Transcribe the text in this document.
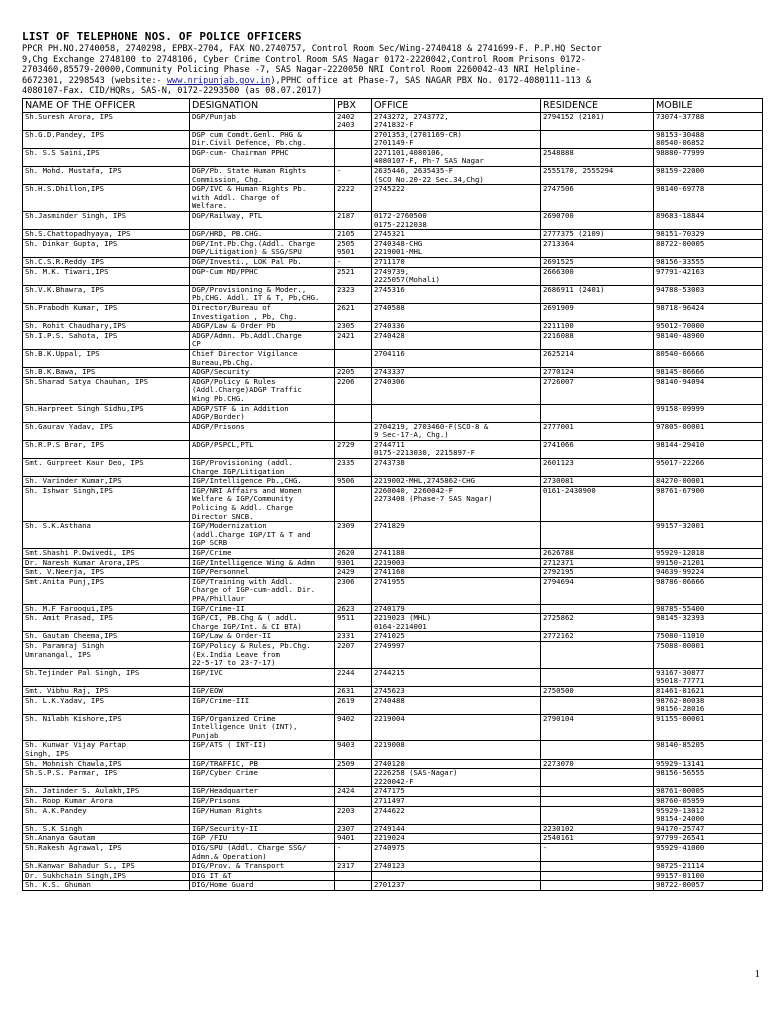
LIST OF TELEPHONE NOS. OF POLICE OFFICERS
PPCR PH.NO.2740058, 2740298, EPBX-2704, FAX NO.2740757, Control Room Sec/Wing-2740418 & 2741699-F. P.P.HQ Sector
9,Chg Exchange 2748100 to 2748106, Cyber Crime Control Room SAS Nagar 0172-2220042,Control Room Prisons 0172-
2703460,85579-20000,Community Policing Phase -7, SAS Nagar-2220050 NRI Control Room 2260042-43 NRI Helpline-
6672301, 2298543 (website:- www.nripunjab.gov.in),PPHC office at Phase-7, SAS NAGAR PBX No. 0172-4080111-113 &
4080107-Fax. CID/HQRs, SAS-N, 0172-2293500 (as 08.07.2017)
NAME OF THE OFFICER	DESIGNATION	PBX	OFFICE	RESIDENCE	MOBILE

Sh.Suresh Arora, IPS	DGP/Punjab	2402
2403	2743272, 2743772,
2741832-F	2794152 (2101)	73074-37788

Sh.G.D.Pandey, IPS	DGP cum Comdt.Genl. PHG &
Dir.Civil Defence, Pb.chg.		2701353,(2701169-CR)
2701149-F		98153-30488
80540-06852

Sh. S.S Saini,IPS	DGP-cum- Chairman PPHC		2271101,4080106,
4080107-F, Ph-7 SAS Nagar	2548888	98880-77999

Sh. Mohd. Mustafa, IPS	DGP/Pb. State Human Rights
Commission, Chg.	-	2635446, 2635435-F
(SCO No.20-22 Sec.34,Chg)	2555170, 2555294	98159-22000

Sh.H.S.Dhillon,IPS	DGP/IVC & Human Rights Pb.
with Addl. Charge of
Welfare.	2222	2745222	2747506	98140-69778

Sh.Jasminder Singh, IPS	DGP/Railway, PTL	2187	0172-2760500
0175-2212038	2690700	89683-18844

Sh.S.Chattopadhyaya, IPS	DGP/HRD, PB.CHG.	2105	2745321	2777375 (2109)	98151-70329

Sh. Dinkar Gupta, IPS	DGP/Int.Pb.Chg.(Addl. Charge
DGP/Litigation) & SSG/SPU	2505
9501	2740348-CHG
2219001-MHL	2713364	88722-00005

Sh.C.S.R.Reddy IPS	DGP/Investi., LOK Pal Pb.	-	2711170	2691525	98156-33555

Sh. M.K. Tiwari,IPS	DGP-Cum MD/PPHC	2521	2749739,
2225057(Mohali)	2666300	97791-42163

Sh.V.K.Bhawra, IPS	DGP/Provisioning & Moder.,
Pb,CHG. Addl. IT & T, Pb,CHG.	2323	2745316	2686911 (2401)	94788-53003

Sh.Prabodh Kumar, IPS	Director/Bureau of
Investigation , Pb, Chg.	2621	2740588	2691909	98718-96424

Sh. Rohit Chaudhary,IPS	ADGP/Law & Order Pb	2305	2740336	2211100	95012-70000

Sh.I.P.S. Sahota, IPS	ADGP/Admn. Pb.Addl.Charge
CP	2421	2740428	2216088	98140-48900

Sh.B.K.Uppal, IPS	Chief Director Vigilance
Bureau,Pb.Chg.		2704116	2625214	80540-66666

Sh.B.K.Bawa, IPS	ADGP/Security	2205	2743337	2770124	98145-06666

Sh.Sharad Satya Chauhan, IPS	ADGP/Policy & Rules
(Addl.Charge)ADGP Traffic
Wing Pb.CHG.	2206	2740306	2726007	98140-94094

Sh.Harpreet Singh Sidhu,IPS	ADGP/STF & in Addition
ADGP/Border)				99158-09999

Sh.Gaurav Yadav, IPS	ADGP/Prisons		2704219, 2703460-F(SCO-8 &
9 Sec-17-A, Chg.)	2777001	97805-00001

Sh.R.P.S Brar, IPS	ADGP/PSPCL,PTL	2729	2744711
0175-2213030, 2215897-F	2741066	98144-29410

Smt. Gurpreet Kaur Deo, IPS	IGP/Provisioning (addl.
Charge IGP/Litigation	2335	2743738	2601123	95017-22266

Sh. Varinder Kumar,IPS	IGP/Intelligence Pb.,CHG.	9506	2219002-MHL,2745862-CHG	2730081	84270-00001

Sh. Ishwar Singh,IPS	IGP/NRI Affairs and Women
Welfare & IGP/Community
Policing & Addl. Charge
Director SNCB.		2260040, 2260042-F
2273408 (Phase-7 SAS Nagar)	0161-2430900	98761-67900

Sh. S.K.Asthana	IGP/Modernization
(addl.Charge IGP/IT & T and
IGP SCRB	2309	2741829		99157-32001

Smt.Shashi P.Dwivedi, IPS	IGP/Crime	2620	2741188	2626788	95929-12018

Dr. Naresh Kumar Arora,IPS	IGP/Intelligence Wing & Admn	9301	2219003	2712371	99150-21201

Smt. V.Neerja, IPS	IGP/Personnel	2429	2741160	2792195	94639-99224

Smt.Anita Punj,IPS	IGP/Training with Addl.
Charge of IGP-cum-addl. Dir.
PPA/Phillaur	2306	2741955	2794694	98786-06666

Sh. M.F Farooqui,IPS	IGP/Crime-II	2623	2740179		98785-55400

Sh. Amit Prasad, IPS	IGP/CI, PB.Chg & ( addl.
Charge IGP/Int. & CI BTA)	9511	2219023 (MHL)
0164-2214001	2725862	98145-32393

Sh. Gautam Cheema,IPS	IGP/Law & Order-II	2331	2741025	2772162	75080-11010

Sh. Paramraj Singh
Umranangal, IPS	IGP/Policy & Rules, Pb.Chg.
(Ex.India Leave from
22-5-17 to 23-7-17)	2207	2749997		75088-00001

Sh.Tejinder Pal Singh, IPS	IGP/IVC	2244	2744215		93167-30877
95018-77771

Smt. Vibhu Raj, IPS	IGP/EOW	2631	2745623	2750500	81461-01621

Sh. L.K.Yadav, IPS	IGP/Crime-III	2619	2740488		98762-80038
98156-28016

Sh. Nilabh Kishore,IPS	IGP/Organized Crime
Intelligence Unit (INT),
Punjab	9402	2219004	2790104	91155-00001

Sh. Kunwar Vijay Partap
Singh, IPS	IGP/ATS ( INT-II)	9403	2219008		98140-85205

Sh. Mohnish Chawla,IPS	IGP/TRAFFIC, PB	2509	2740120	2273070	95929-13141

Sh.S.P.S. Parmar, IPS	IGP/Cyber Crime		2226258 (SAS-Nagar)
2220042-F		98156-56555

Sh. Jatinder S. Aulakh,IPS	IGP/Headquarter	2424	2747175		98761-00005

Sh. Roop Kumar Arora	IGP/Prisons		2711497		98760-05959

Sh. A.K.Pandey	IGP/Human Rights	2203	2744622		95929-13012
98154-24000

Sh. S.K Singh	IGP/Security-II	2307	2749144	2230102	94170-25747

Sh.Ananya Gautam	IGP /FIU	9401	2219024	2540161	97799-26541

Sh.Rakesh Agrawal, IPS	DIG/SPU (Addl. Charge SSG/
Admn.& Operation)	-	2740975	-	95929-41000

Sh.Kanwar Bahadur S., IPS	DIG/Prov. & Transport	2317	2740123		98725-21114

Dr. Sukhchain Singh,IPS	DIG IT &T				99157-01100

Sh. K.S. Ghuman	DIG/Home Guard		2701237		98722-00057
1
